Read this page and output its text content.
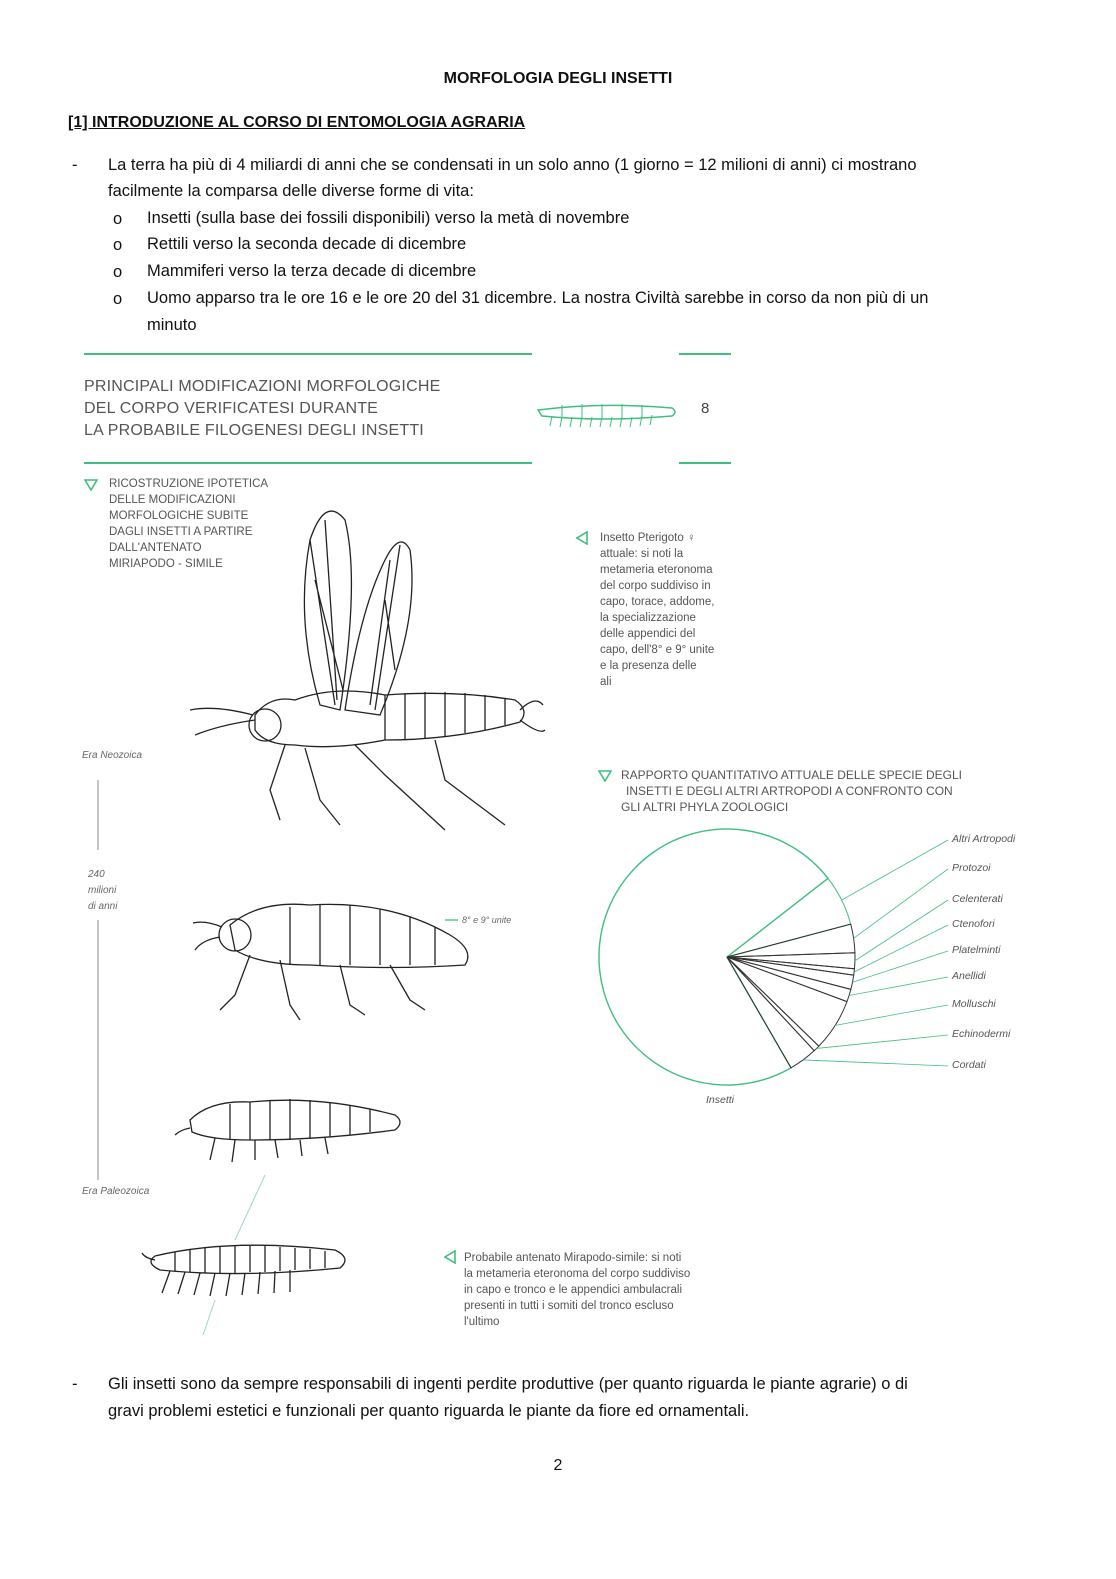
MORFOLOGIA DEGLI INSETTI
[1] INTRODUZIONE AL CORSO DI ENTOMOLOGIA AGRARIA
- La terra ha più di 4 miliardi di anni che se condensati in un solo anno (1 giorno = 12 milioni di anni) ci mostrano
facilmente la comparsa delle diverse forme di vita:
o Insetti (sulla base dei fossili disponibili) verso la metà di novembre
o Rettili verso la seconda decade di dicembre
o Mammiferi verso la terza decade di dicembre
o Uomo apparso tra le ore 16 e le ore 20 del 31 dicembre. La nostra Civiltà sarebbe in corso da non più di un
minuto
PRINCIPALI MODIFICAZIONI MORFOLOGICHE
DEL CORPO VERIFICATESI DURANTE
LA PROBABILE FILOGENESI DEGLI INSETTI
8
RICOSTRUZIONE IPOTETICA
DELLE MODIFICAZIONI
MORFOLOGICHE SUBITE
DAGLI INSETTI A PARTIRE
DALL'ANTENATO
MIRIAPODO - SIMILE
Insetto Pterigoto ♀
attuale: si noti la
metameria eteronoma
del corpo suddiviso in
capo, torace, addome,
la specializzazione
delle appendici del
capo, dell'8° e 9° unite
e la presenza delle
ali
Era Neozoica
240
milioni
di anni
Era Paleozoica
8° e 9° unite
Probabile antenato Mirapodo-simile: si noti
la metameria eteronoma del corpo suddiviso
in capo e tronco e le appendici ambulacrali
presenti in tutti i somiti del tronco escluso
l'ultimo
RAPPORTO QUANTITATIVO ATTUALE DELLE SPECIE DEGLI
INSETTI E DEGLI ALTRI ARTROPODI A CONFRONTO CON
GLI ALTRI PHYLA ZOOLOGICI
Altri Artropodi
Protozoi
Celenterati
Ctenofori
Platelminti
Anellidi
Molluschi
Echinodermi
Cordati
Insetti
- Gli insetti sono da sempre responsabili di ingenti perdite produttive (per quanto riguarda le piante agrarie) o di
gravi problemi estetici e funzionali per quanto riguarda le piante da fiore ed ornamentali.
2
